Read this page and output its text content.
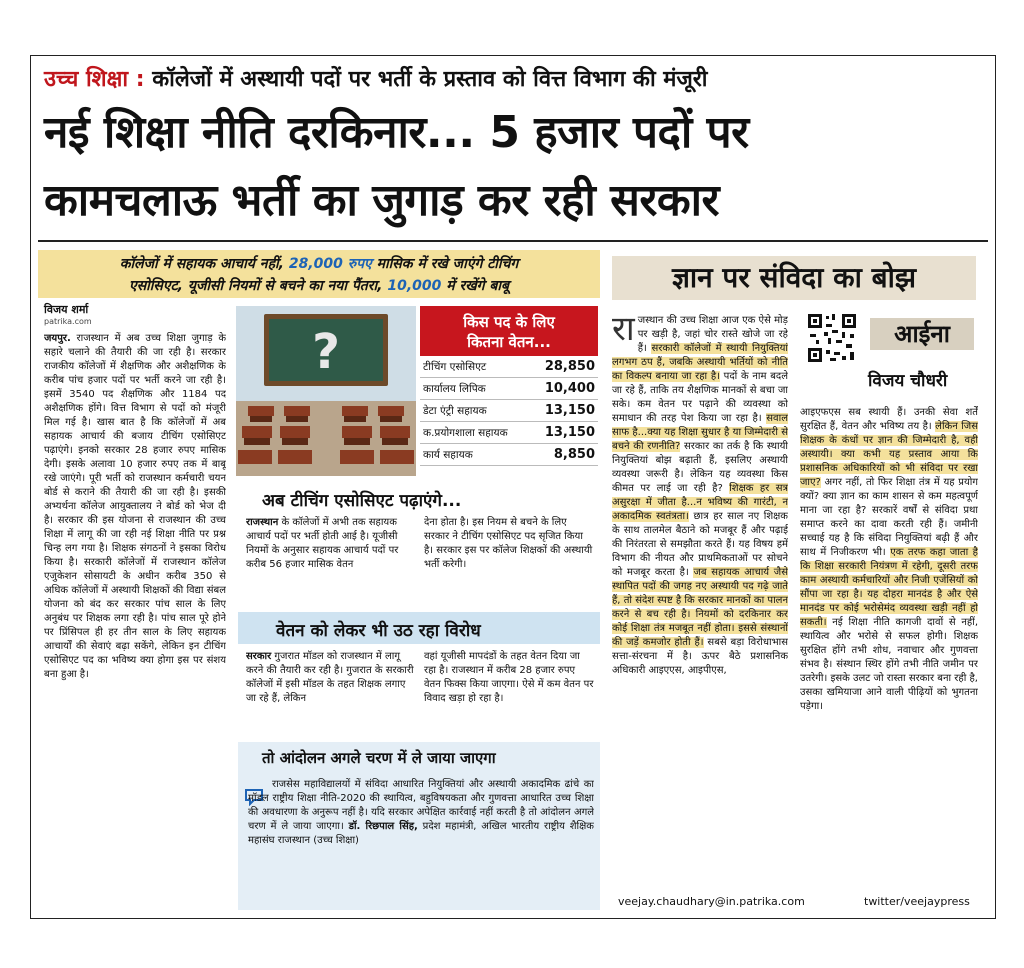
उच्च शिक्षा : कॉलेजों में अस्थायी पदों पर भर्ती के प्रस्ताव को वित्त विभाग की मंजूरी
नई शिक्षा नीति दरकिनार... 5 हजार पदों पर
कामचलाऊ भर्ती का जुगाड़ कर रही सरकार
कॉलेजों में सहायक आचार्य नहीं, 28,000 रुपए मासिक में रखे जाएंगे टीचिंग
एसोसिएट, यूजीसी नियमों से बचने का नया पैंतरा, 10,000 में रखेंगे बाबू
विजय शर्मा
patrika.com
जयपुर. राजस्थान में अब उच्च शिक्षा जुगाड़ के सहारे चलाने की तैयारी की जा रही है। सरकार राजकीय कॉलेजों में शैक्षणिक और अशैक्षणिक के करीब पांच हजार पदों पर भर्ती करने जा रही है। इसमें 3540 पद शैक्षणिक और 1184 पद अशैक्षणिक होंगे। वित्त विभाग से पदों को मंजूरी मिल गई है। खास बात है कि कॉलेजों में अब सहायक आचार्य की बजाय टीचिंग एसोसिएट पढ़ाएंगे। इनको सरकार 28 हजार रुपए मासिक देगी। इसके अलावा 10 हजार रुपए तक में बाबू रखे जाएंगे। पूरी भर्ती को राजस्थान कर्मचारी चयन बोर्ड से कराने की तैयारी की जा रही है। इसकी अभ्यर्थना कॉलेज आयुक्तालय ने बोर्ड को भेज दी है। सरकार की इस योजना से राजस्थान की उच्च शिक्षा में लागू की जा रही नई शिक्षा नीति पर प्रश्न चिन्ह लग गया है। शिक्षक संगठनों ने इसका विरोध किया है। सरकारी कॉलेजों में राजस्थान कॉलेज एजुकेशन सोसायटी के अधीन करीब 350 से अधिक कॉलेजों में अस्थायी शिक्षकों की विद्या संबल योजना को बंद कर सरकार पांच साल के लिए अनुबंध पर शिक्षक लगा रही है। पांच साल पूरे होने पर प्रिंसिपल ही हर तीन साल के लिए सहायक आचार्यों की सेवाएं बढ़ा सकेंगे, लेकिन इन टीचिंग एसोसिएट पद का भविष्य क्या होगा इस पर संशय बना हुआ है।
?
किस पद के लिए
कितना वेतन...
टीचिंग एसोसिएट	28,850
कार्यालय लिपिक	10,400
डेटा एंट्री सहायक	13,150
क.प्रयोगशाला सहायक	13,150
कार्य सहायक	8,850
अब टीचिंग एसोसिएट पढ़ाएंगे...
राजस्थान के कॉलेजों में अभी तक सहायक आचार्य पदों पर भर्ती होती आई है। यूजीसी नियमों के अनुसार सहायक आचार्य पदों पर करीब 56 हजार मासिक वेतन
देना होता है। इस नियम से बचने के लिए सरकार ने टीचिंग एसोसिएट पद सृजित किया है। सरकार इस पर कॉलेज शिक्षकों की अस्थायी भर्ती करेगी।
वेतन को लेकर भी उठ रहा विरोध
सरकार गुजरात मॉडल को राजस्थान में लागू करने की तैयारी कर रही है। गुजरात के सरकारी कॉलेजों में इसी मॉडल के तहत शिक्षक लगाए जा रहे हैं, लेकिन
वहां यूजीसी मापदंडों के तहत वेतन दिया जा रहा है। राजस्थान में करीब 28 हजार रुपए वेतन फिक्स किया जाएगा। ऐसे में कम वेतन पर विवाद खड़ा हो रहा है।
तो आंदोलन अगले चरण में ले जाया जाएगा
राजसेस महाविद्यालयों में संविदा आधारित नियुक्तियां और अस्थायी अकादमिक ढांचे का मॉडल राष्ट्रीय शिक्षा नीति-2020 की स्थायित्व, बहुविषयकता और गुणवत्ता आधारित उच्च शिक्षा की अवधारणा के अनुरूप नहीं है। यदि सरकार अपेक्षित कार्रवाई नहीं करती है तो आंदोलन अगले चरण में ले जाया जाएगा। डॉ. रिछपाल सिंह, प्रदेश महामंत्री, अखिल भारतीय राष्ट्रीय शैक्षिक महासंघ राजस्थान (उच्च शिक्षा)
ज्ञान पर संविदा का बोझ
आईना
विजय चौधरी
राजस्थान की उच्च शिक्षा आज एक ऐसे मोड़ पर खड़ी है, जहां चोर रास्ते खोजे जा रहे हैं। सरकारी कॉलेजों में स्थायी नियुक्तियां लगभग ठप हैं, जबकि अस्थायी भर्तियों को नीति का विकल्प बनाया जा रहा है। पदों के नाम बदले जा रहे हैं, ताकि तय शैक्षणिक मानकों से बचा जा सके। कम वेतन पर पढ़ाने की व्यवस्था को समाधान की तरह पेश किया जा रहा है। सवाल साफ है...क्या यह शिक्षा सुधार है या जिम्मेदारी से बचने की रणनीति? सरकार का तर्क है कि स्थायी नियुक्तियां बोझ बढ़ाती हैं, इसलिए अस्थायी व्यवस्था जरूरी है। लेकिन यह व्यवस्था किस कीमत पर लाई जा रही है? शिक्षक हर सत्र असुरक्षा में जीता है...न भविष्य की गारंटी, न अकादमिक स्वतंत्रता। छात्र हर साल नए शिक्षक के साथ तालमेल बैठाने को मजबूर हैं और पढ़ाई की निरंतरता से समझौता करते हैं। यह विषय हमें विभाग की नीयत और प्राथमिकताओं पर सोचने को मजबूर करता है। जब सहायक आचार्य जैसे स्थापित पदों की जगह नए अस्थायी पद गढ़े जाते हैं, तो संदेश स्पष्ट है कि सरकार मानकों का पालन करने से बच रही है। नियमों को दरकिनार कर कोई शिक्षा तंत्र मजबूत नहीं होता। इससे संस्थानों की जड़ें कमजोर होती हैं। सबसे बड़ा विरोधाभास सत्ता-संरचना में है। ऊपर बैठे प्रशासनिक अधिकारी आइएएस, आइपीएस,
आइएफएस सब स्थायी हैं। उनकी सेवा शर्तें सुरक्षित हैं, वेतन और भविष्य तय है। लेकिन जिस शिक्षक के कंधों पर ज्ञान की जिम्मेदारी है, वही अस्थायी। क्या कभी यह प्रस्ताव आया कि प्रशासनिक अधिकारियों को भी संविदा पर रखा जाए? अगर नहीं, तो फिर शिक्षा तंत्र में यह प्रयोग क्यों? क्या ज्ञान का काम शासन से कम महत्वपूर्ण माना जा रहा है? सरकारें वर्षों से संविदा प्रथा समाप्त करने का दावा करती रही हैं। जमीनी सच्चाई यह है कि संविदा नियुक्तियां बढ़ी हैं और साथ में निजीकरण भी। एक तरफ कहा जाता है कि शिक्षा सरकारी नियंत्रण में रहेगी, दूसरी तरफ काम अस्थायी कर्मचारियों और निजी एजेंसियों को सौंपा जा रहा है। यह दोहरा मानदंड है और ऐसे मानदंड पर कोई भरोसेमंद व्यवस्था खड़ी नहीं हो सकती। नई शिक्षा नीति कागजी दावों से नहीं, स्थायित्व और भरोसे से सफल होगी। शिक्षक सुरक्षित होंगे तभी शोध, नवाचार और गुणवत्ता संभव है। संस्थान स्थिर होंगे तभी नीति जमीन पर उतरेगी। इसके उलट जो रास्ता सरकार बना रही है, उसका खमियाजा आने वाली पीढ़ियों को भुगतना पड़ेगा।
veejay.chaudhary@in.patrika.com	twitter/veejaypress
